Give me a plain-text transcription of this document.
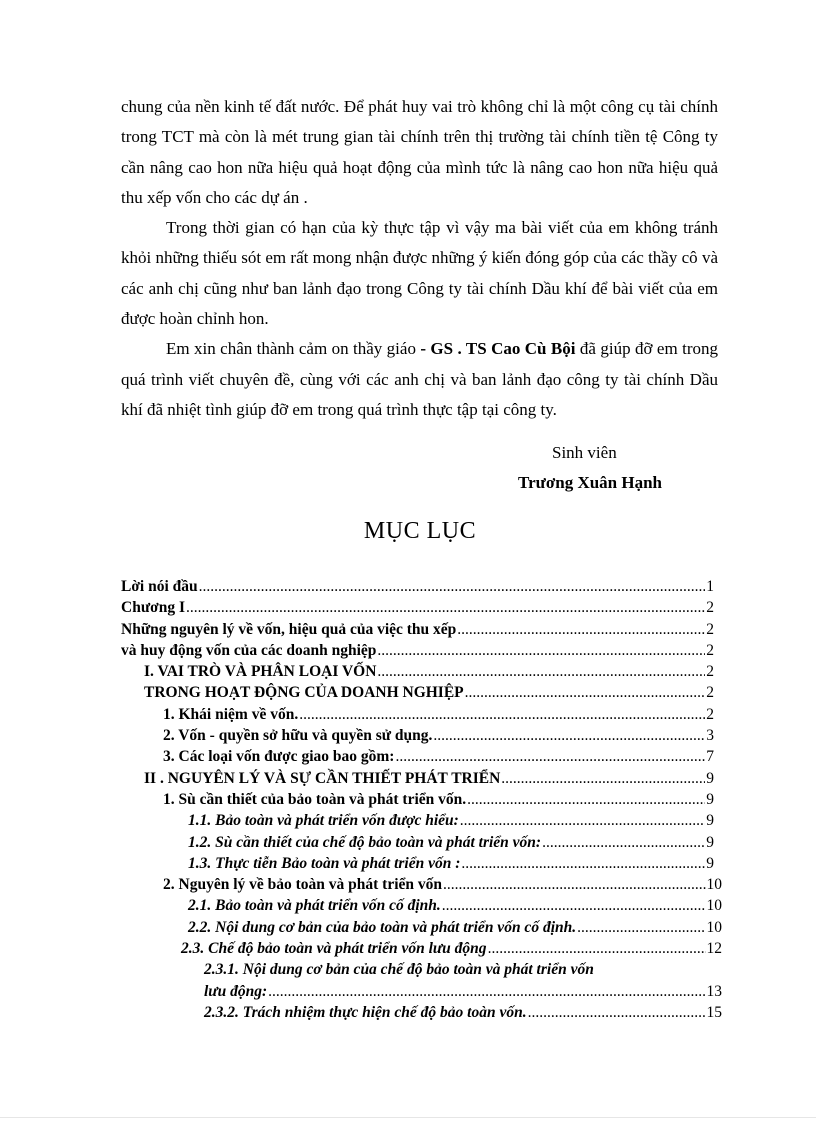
chung của nền kinh tế đất nước. Để phát huy vai trò không chỉ là một công cụ tài chính trong TCT mà còn là mét trung gian tài chính trên thị trường tài chính tiền tệ Công ty cần nâng cao hon nữa hiệu quả hoạt động của mình tức là nâng cao hon nữa hiệu quả thu xếp vốn cho các dự án .

Trong thời gian có hạn của kỳ thực tập vì vậy ma bài viết của em không tránh khỏi những thiếu sót em rất mong nhận được những ý kiến đóng góp của các thầy cô và các anh chị cũng như ban lảnh đạo trong Công ty tài chính Dầu khí để bài viết của em được hoàn chỉnh hon.

Em xin chân thành cảm on thầy giáo - GS . TS Cao Cù Bội đã giúp đỡ em trong quá trình viết chuyên đề, cùng với các anh chị và ban lảnh đạo công ty tài chính Dầu khí đã nhiệt tình giúp đỡ em trong quá trình thực tập tại công ty.

Sinh viên
Trương Xuân Hạnh
MỤC LỤC
Lời nói đầu .....	1
Chương I .....	2
Những nguyên lý về vốn, hiệu quả của việc thu xếp .....	2
và huy động vốn của các doanh nghiệp .....	2
I. VAI TRÒ VÀ PHÂN LOẠI VỐN .....	2
TRONG HOẠT ĐỘNG CỦA DOANH NGHIỆP .....	2
1. Khái niệm về vốn. .....	2
2. Vốn - quyền sở hữu và quyền sử dụng. .....	3
3. Các loại vốn được giao bao gồm: .....	7
II . NGUYÊN LÝ VÀ SỰ CẦN THIẾT PHÁT TRIỂN .....	9
1. Sù cần thiết của bảo toàn và phát triển vốn. .....	9
1.1. Bảo toàn và phát triển vốn được hiểu: .....	9
1.2. Sù cần thiết của chế độ bảo toàn và phát triển vốn: .....	9
1.3. Thực tiễn Bảo toàn và phát triển vốn : .....	9
2. Nguyên lý về bảo toàn và phát triển vốn .....	10
2.1. Bảo toàn và phát triển vốn cố định. .....	10
2.2. Nội dung cơ bản của bảo toàn và phát triển vốn cố định. .....	10
2.3. Chế độ bảo toàn và phát triển vốn lưu động .....	12
2.3.1. Nội dung cơ bản của chế độ bảo toàn và phát triển vốn
lưu động: .....	13
2.3.2. Trách nhiệm thực hiện chế độ bảo toàn vốn. .....	15
